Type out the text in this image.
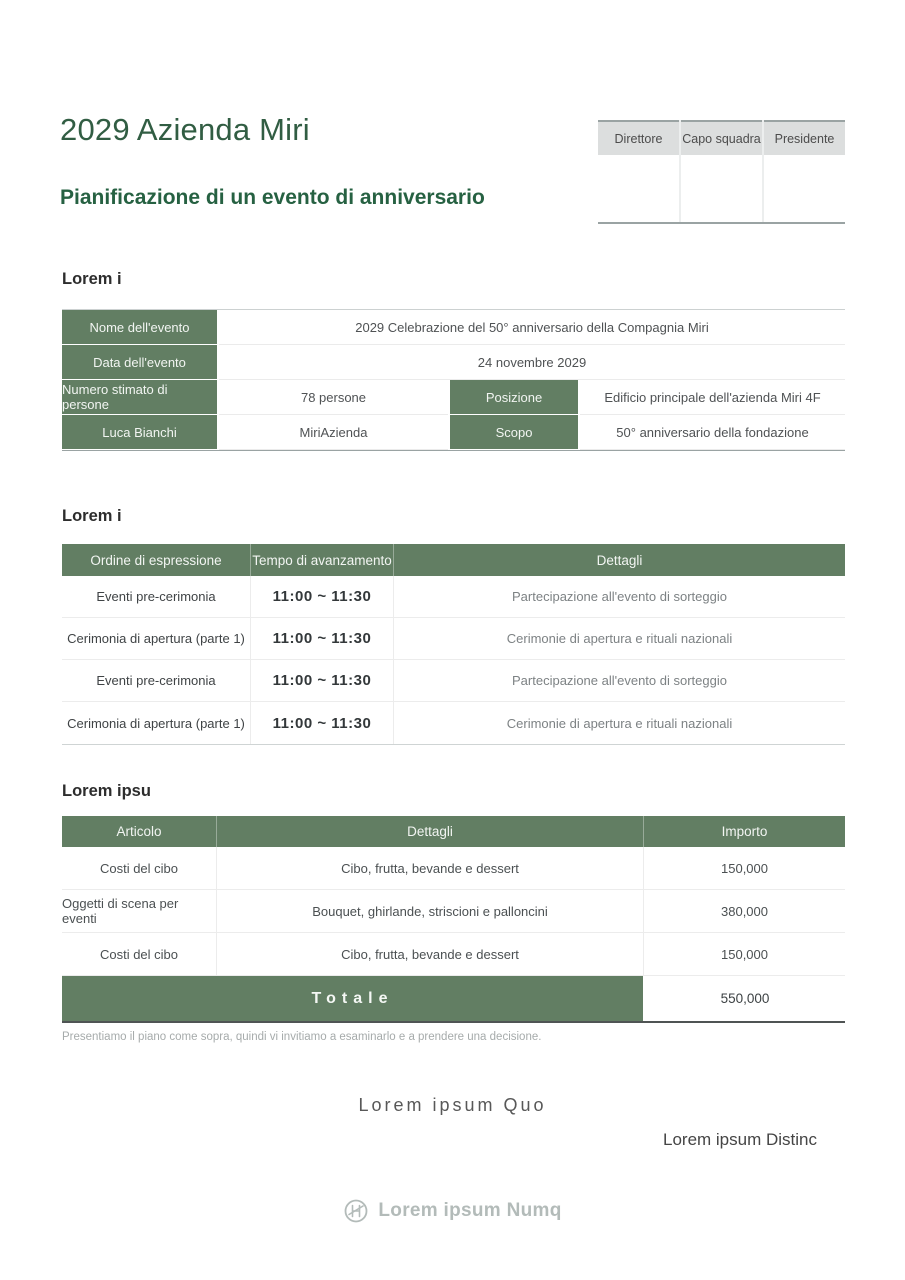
2029 Azienda Miri
Pianificazione di un evento di anniversario
Direttore	Capo squadra	Presidente
Lorem i
Nome dell'evento	2029 Celebrazione del 50° anniversario della Compagnia Miri
Data dell'evento	24 novembre 2029
Numero stimato di persone	78 persone	Posizione	Edificio principale dell'azienda Miri 4F
Luca Bianchi	MiriAzienda	Scopo	50° anniversario della fondazione
Lorem i
Ordine di espressione	Tempo di avanzamento	Dettagli
Eventi pre-cerimonia	11:00 ~ 11:30	Partecipazione all'evento di sorteggio
Cerimonia di apertura (parte 1)	11:00 ~ 11:30	Cerimonie di apertura e rituali nazionali
Eventi pre-cerimonia	11:00 ~ 11:30	Partecipazione all'evento di sorteggio
Cerimonia di apertura (parte 1)	11:00 ~ 11:30	Cerimonie di apertura e rituali nazionali
Lorem ipsu
Articolo	Dettagli	Importo
Costi del cibo	Cibo, frutta, bevande e dessert	150,000
Oggetti di scena per eventi	Bouquet, ghirlande, striscioni e palloncini	380,000
Costi del cibo	Cibo, frutta, bevande e dessert	150,000
Totale	550,000
Presentiamo il piano come sopra, quindi vi invitiamo a esaminarlo e a prendere una decisione.
Lorem ipsum Quo
Lorem ipsum Distinc
Lorem ipsum Numq
